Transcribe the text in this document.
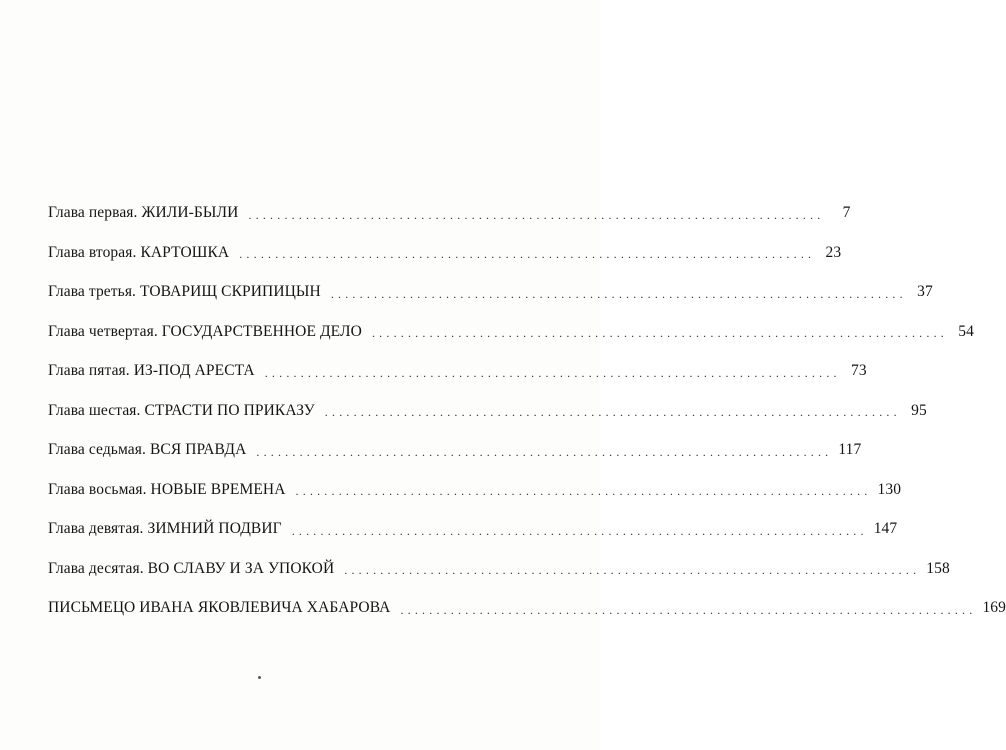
Глава первая. ЖИЛИ-БЫЛИ ................................................................................	7
Глава вторая. КАРТОШКА ................................................................................ 23
Глава третья. ТОВАРИЩ СКРИПИЦЫН ................................................................................ 37
Глава четвертая. ГОСУДАРСТВЕННОЕ ДЕЛО ................................................................................ 54
Глава пятая. ИЗ-ПОД АРЕСТА ................................................................................ 73
Глава шестая. СТРАСТИ ПО ПРИКАЗУ ................................................................................ 95
Глава седьмая. ВСЯ ПРАВДА ................................................................................ 117
Глава восьмая. НОВЫЕ ВРЕМЕНА ................................................................................ 130
Глава девятая. ЗИМНИЙ ПОДВИГ ................................................................................ 147
Глава десятая. ВО СЛАВУ И ЗА УПОКОЙ ................................................................................ 158
ПИСЬМЕЦО ИВАНА ЯКОВЛЕВИЧА ХАБАРОВА ................................................................................ 169
